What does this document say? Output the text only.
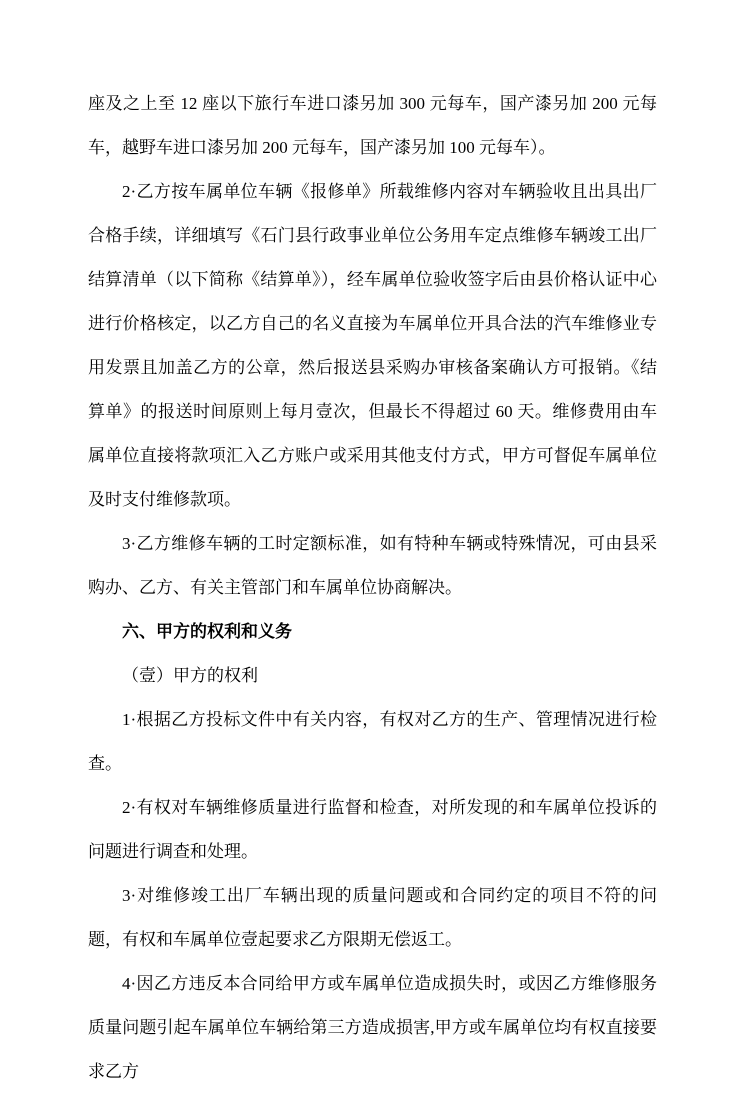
座及之上至 12 座以下旅行车进口漆另加 300 元每车，国产漆另加 200 元每车，越野车进口漆另加 200 元每车，国产漆另加 100 元每车）。

2·乙方按车属单位车辆《报修单》所载维修内容对车辆验收且出具出厂合格手续，详细填写《石门县行政事业单位公务用车定点维修车辆竣工出厂结算清单（以下简称《结算单》），经车属单位验收签字后由县价格认证中心进行价格核定，以乙方自己的名义直接为车属单位开具合法的汽车维修业专用发票且加盖乙方的公章，然后报送县采购办审核备案确认方可报销。《结算单》的报送时间原则上每月壹次，但最长不得超过 60 天。维修费用由车属单位直接将款项汇入乙方账户或采用其他支付方式，甲方可督促车属单位及时支付维修款项。

3·乙方维修车辆的工时定额标准，如有特种车辆或特殊情况，可由县采购办、乙方、有关主管部门和车属单位协商解决。

六、甲方的权利和义务

（壹）甲方的权利

1·根据乙方投标文件中有关内容，有权对乙方的生产、管理情况进行检查。

2·有权对车辆维修质量进行监督和检查，对所发现的和车属单位投诉的问题进行调查和处理。

3·对维修竣工出厂车辆出现的质量问题或和合同约定的项目不符的问题，有权和车属单位壹起要求乙方限期无偿返工。

4·因乙方违反本合同给甲方或车属单位造成损失时，或因乙方维修服务质量问题引起车属单位车辆给第三方造成损害,甲方或车属单位均有权直接要求乙方
